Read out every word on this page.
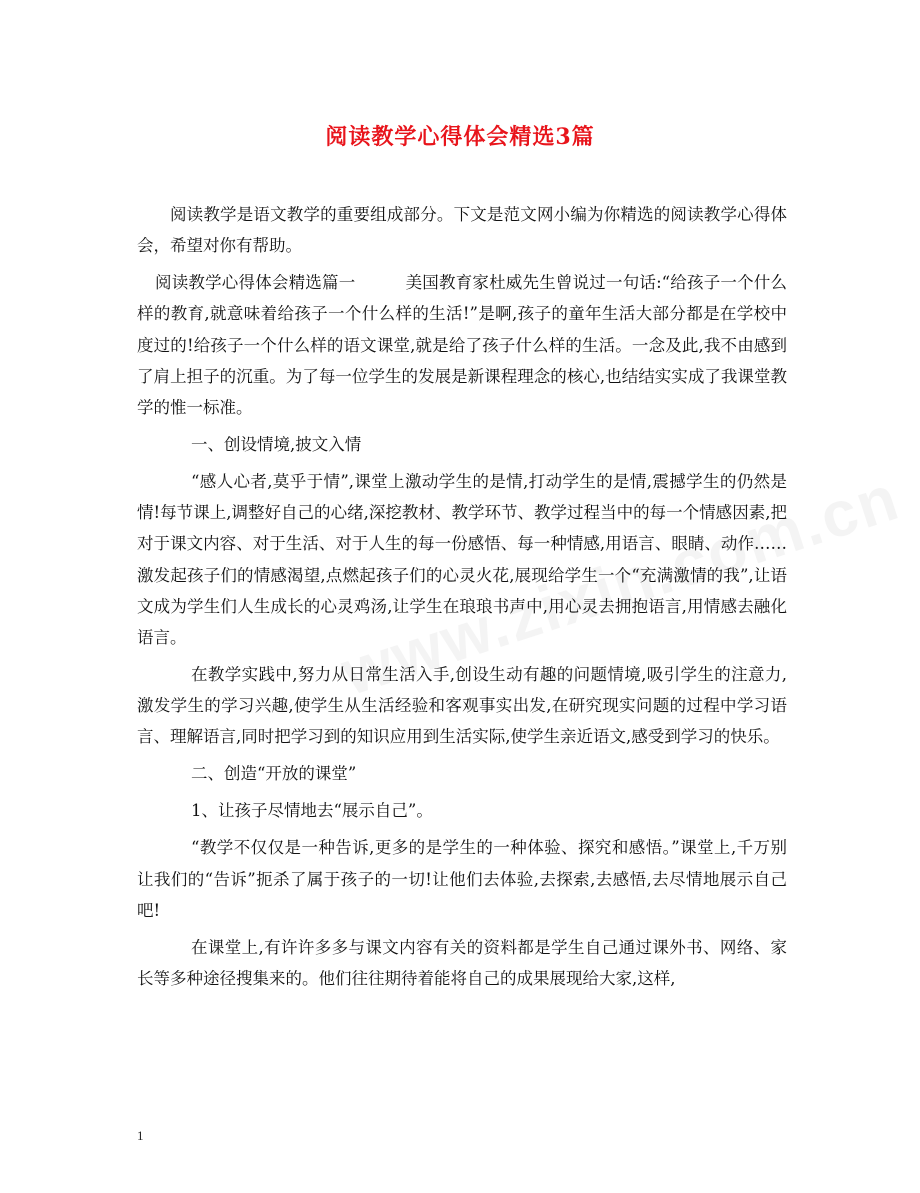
阅读教学心得体会精选3篇

阅读教学是语文教学的重要组成部分。下文是范文网小编为你精选的阅读教学心得体会，希望对你有帮助。

阅读教学心得体会精选篇一	美国教育家杜威先生曾说过一句话:“给孩子一个什么样的教育,就意味着给孩子一个什么样的生活!”是啊,孩子的童年生活大部分都是在学校中度过的!给孩子一个什么样的语文课堂,就是给了孩子什么样的生活。一念及此,我不由感到了肩上担子的沉重。为了每一位学生的发展是新课程理念的核心,也结结实实成了我课堂教学的惟一标准。

一、创设情境,披文入情

“感人心者,莫乎于情”,课堂上激动学生的是情,打动学生的是情,震撼学生的仍然是情!每节课上,调整好自己的心绪,深挖教材、教学环节、教学过程当中的每一个情感因素,把对于课文内容、对于生活、对于人生的每一份感悟、每一种情感,用语言、眼睛、动作……激发起孩子们的情感渴望,点燃起孩子们的心灵火花,展现给学生一个“充满激情的我”,让语文成为学生们人生成长的心灵鸡汤,让学生在琅琅书声中,用心灵去拥抱语言,用情感去融化语言。

在教学实践中,努力从日常生活入手,创设生动有趣的问题情境,吸引学生的注意力,激发学生的学习兴趣,使学生从生活经验和客观事实出发,在研究现实问题的过程中学习语言、理解语言,同时把学习到的知识应用到生活实际,使学生亲近语文,感受到学习的快乐。

二、创造“开放的课堂”

1、让孩子尽情地去“展示自己”。

“教学不仅仅是一种告诉,更多的是学生的一种体验、探究和感悟。”课堂上,千万别让我们的“告诉”扼杀了属于孩子的一切!让他们去体验,去探索,去感悟,去尽情地展示自己吧!

在课堂上,有许许多多与课文内容有关的资料都是学生自己通过课外书、网络、家长等多种途径搜集来的。他们往往期待着能将自己的成果展现给大家,这样,

1
